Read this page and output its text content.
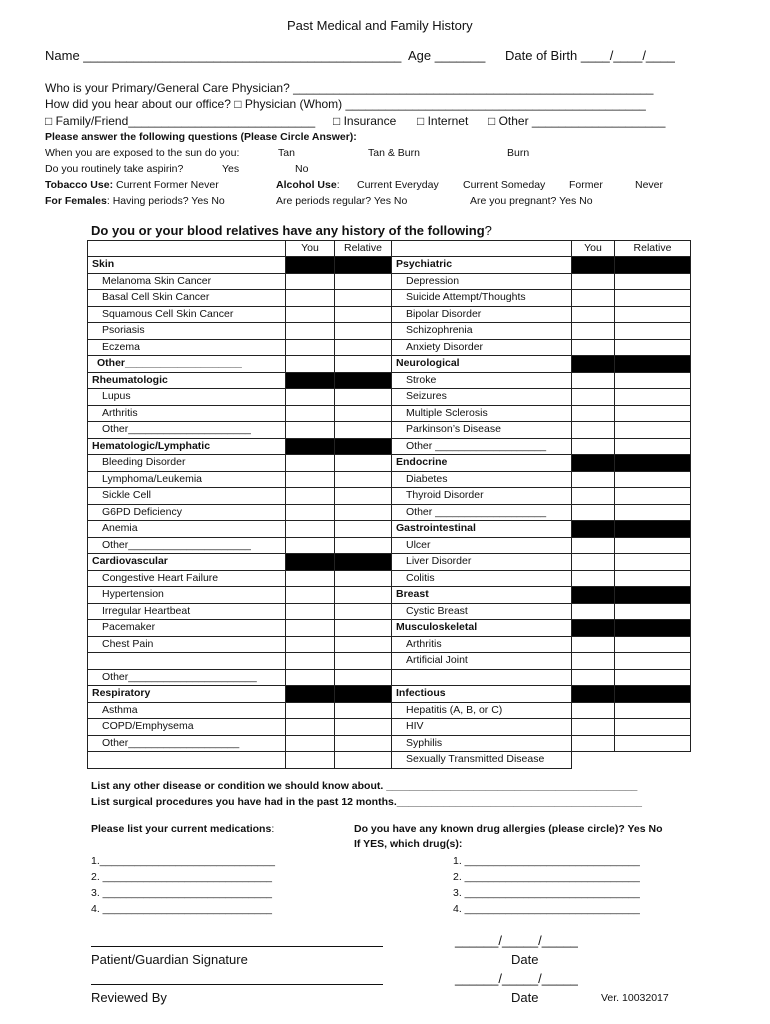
Past Medical and Family History
Name ____________________________________________ Age _______ Date of Birth ____/____/____
Who is your Primary/General Care Physician? ______________________________________________________
How did you hear about our office? □ Physician (Whom) _____________________________________________
□ Family/Friend____________________________ □ Insurance □ Internet □ Other ____________________
Please answer the following questions (Please Circle Answer):
When you are exposed to the sun do you:	Tan	Tan & Burn	Burn
Do you routinely take aspirin?	Yes	No
Tobacco Use: Current Former Never	Alcohol Use: Current Everyday Current Someday Former	Never
For Females: Having periods? Yes No	Are periods regular? Yes No	Are you pregnant? Yes No
Do you or your blood relatives have any history of the following?
	You	Relative		You	Relative
Skin			Psychiatric		
Melanoma Skin Cancer			Depression		
Basal Cell Skin Cancer			Suicide Attempt/Thoughts		
Squamous Cell Skin Cancer			Bipolar Disorder		
Psoriasis			Schizophrenia		
Eczema			Anxiety Disorder		
Other____________________			Neurological		
Rheumatologic			Stroke		
Lupus			Seizures		
Arthritis			Multiple Sclerosis		
Other_____________________			Parkinson’s Disease		
Hematologic/Lymphatic			Other ___________________		
Bleeding Disorder			Endocrine		
Lymphoma/Leukemia			Diabetes		
Sickle Cell			Thyroid Disorder		
G6PD Deficiency			Other ___________________		
Anemia			Gastrointestinal		
Other_____________________			Ulcer		
Cardiovascular			Liver Disorder		
Congestive Heart Failure			Colitis		
Hypertension			Breast		
Irregular Heartbeat			Cystic Breast		
Pacemaker			Musculoskeletal		
Chest Pain			Arthritis		
			Artificial Joint		
Other______________________					
Respiratory			Infectious		
Asthma			Hepatitis (A, B, or C)		
COPD/Emphysema			HIV		
Other___________________			Syphilis		
			Sexually Transmitted Disease		
List any other disease or condition we should know about. ___________________________________________
List surgical procedures you have had in the past 12 months.__________________________________________
Please list your current medications:	Do you have any known drug allergies (please circle)? Yes No
If YES, which drug(s):
1.______________________________
2. _____________________________
3. _____________________________
4. _____________________________
1. ______________________________
2. ______________________________
3. ______________________________
4. ______________________________
Patient/Guardian Signature
______/_____/_____
Date
Reviewed By
______/_____/_____
Date	Ver. 10032017
